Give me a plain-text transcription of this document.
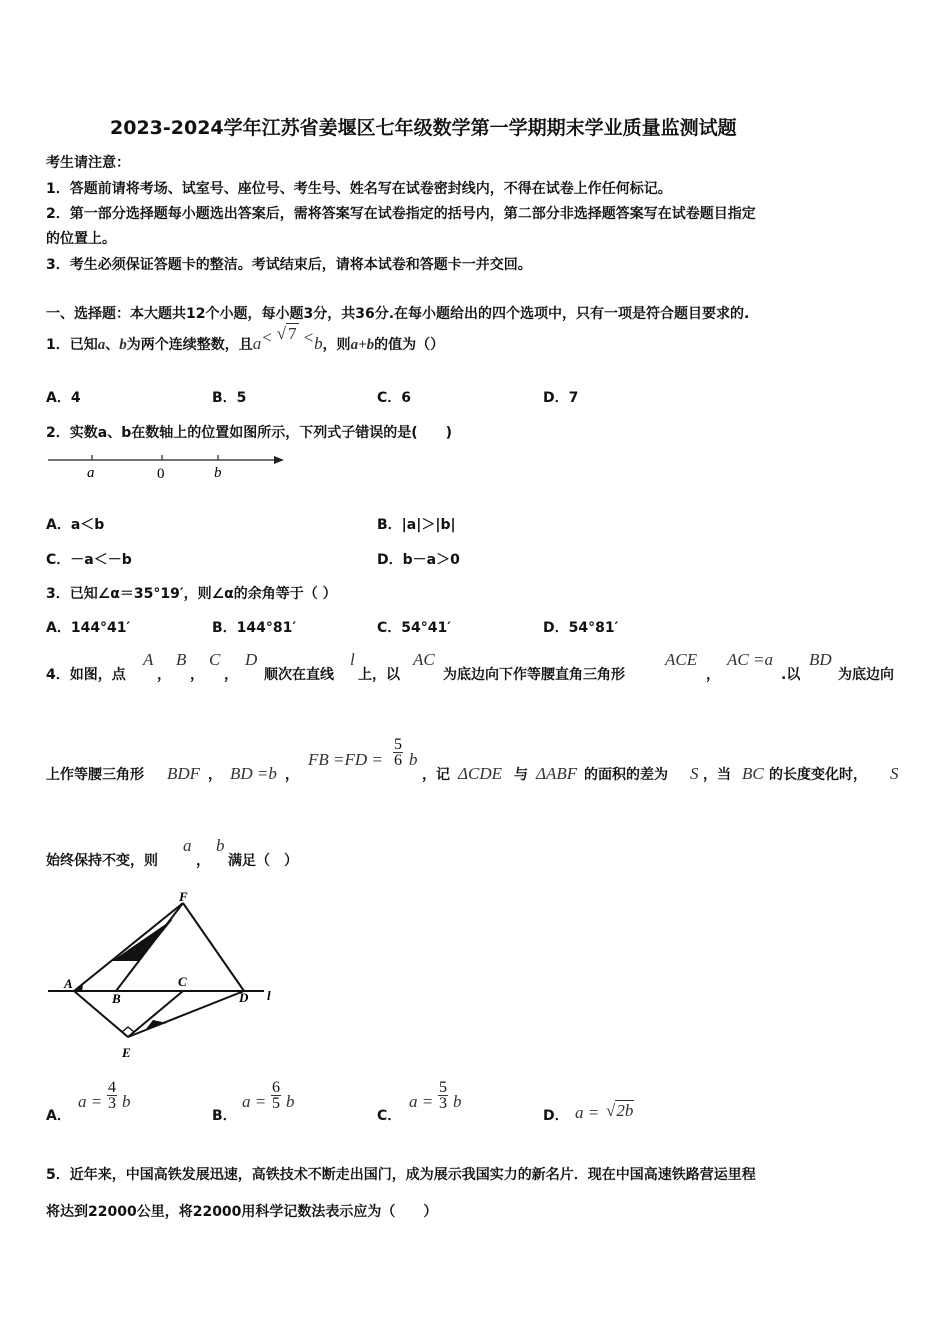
2023-2024学年江苏省姜堰区七年级数学第一学期期末学业质量监测试题
考生请注意：
1．答题前请将考场、试室号、座位号、考生号、姓名写在试卷密封线内，不得在试卷上作任何标记。
2．第一部分选择题每小题选出答案后，需将答案写在试卷指定的括号内，第二部分非选择题答案写在试卷题目指定
的位置上。
3．考生必须保证答题卡的整洁。考试结束后，请将本试卷和答题卡一并交回。
一、选择题：本大题共12个小题，每小题3分，共36分.在每小题给出的四个选项中，只有一项是符合题目要求的.
1．已知a、b为两个连续整数，且a< √ 7 <b，则a+b的值为（）
A．4	B．5	C．6	D．7
2．实数a、b在数轴上的位置如图所示，下列式子错误的是(　　)
a	0	b
A．a＜b	B．|a|＞|b|
C．－a＜－b	D．b－a＞0
3．已知∠α＝35°19′，则∠α的余角等于（ ）
A．144°41′	B．144°81′	C．54°41′	D．54°81′
4．如图，点
A
，
B
，
C
，
D
顺次在直线
l
上，以
AC
为底边向下作等腰直角三角形
ACE
，
AC =a
.以
BD
为底边向
上作等腰三角形 BDF ， BD =b ，
FB $=FD = \frac{5}{6}$ b
，记 ΔCDE 与 ΔABF 的面积的差为 S ，当 BC 的长度变化时， S
始终保持不变，则
a
，
b
满足（　）
F
A
B
C
D l
E
A．
$a = \frac{4}{3}$ b
B．
$a = \frac{6}{5}$ b
C．
$a = \frac{5}{3}$ b
D． a = √2b
5．近年来，中国高铁发展迅速，高铁技术不断走出国门，成为展示我国实力的新名片．现在中国高速铁路营运里程
将达到22000公里，将22000用科学记数法表示应为（　　）
